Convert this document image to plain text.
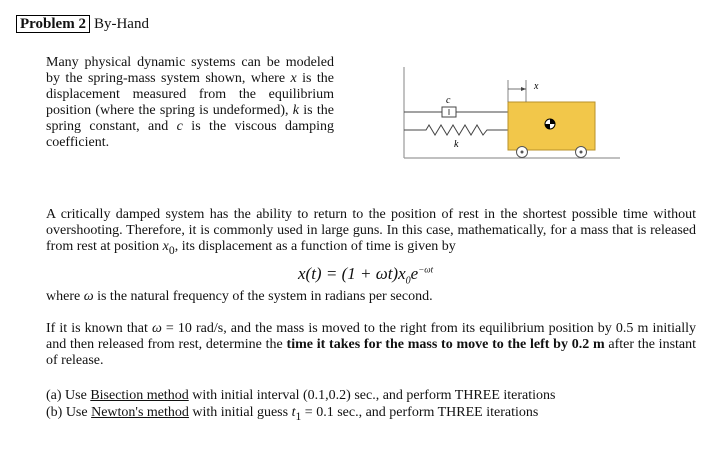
Problem 2 By-Hand
Many physical dynamic systems can be modeled by the spring-mass system shown, where x is the displacement measured from the equilibrium position (where the spring is undeformed), k is the spring constant, and c is the viscous damping coefficient.
c
k
x
A critically damped system has the ability to return to the position of rest in the shortest possible time without overshooting. Therefore, it is commonly used in large guns. In this case, mathematically, for a mass that is released from rest at position $x_0$, its displacement as a function of time is given by
$x(t) = (1 + \omega t)x_0e^{-\omega t}$
where ω is the natural frequency of the system in radians per second.
If it is known that ω = 10 rad/s, and the mass is moved to the right from its equilibrium position by 0.5 m initially and then released from rest, determine the time it takes for the mass to move to the left by 0.2 m after the instant of release.
(a) Use Bisection method with initial interval (0.1,0.2) sec., and perform THREE iterations
(b) Use Newton's method with initial guess $t_1 = 0.1$ sec., and perform THREE iterations
